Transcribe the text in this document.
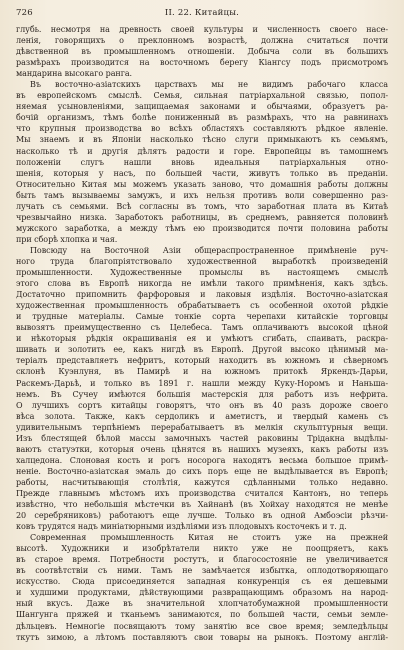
726	II. 22. Китайцы.
глубь. несмотря на древность своей культуры и численность своего насе-
ленія, говорящихъ о преклонномъ возрастѣ, должна считаться почти
дѣвственной въ промышленномъ отношеніи. Добыча соли въ большихъ
размѣрахъ производится на восточномъ берегу Кіангсу подъ присмотромъ
мандарина высокаго ранга.
Въ восточно-азіатскихъ царствахъ мы не видимъ рабочаго класса
въ европейскомъ смыслѣ. Семья, сильная патріархальной связью, попол-
няемая усыновленіями, защищаемая законами и обычаями, образуетъ ра-
бочій организмъ, тѣмъ болѣе пониженный въ размѣрахъ, что на равнинахъ
что крупныя производства во всѣхъ областяхъ составляютъ рѣдкое явленіе.
Мы знаемъ и въ Японіи насколько тѣсно слуги примыкаютъ къ семьямъ,
насколько тѣ и другія дѣлятъ радости и горе. Европейцы въ тамошнемъ
положеніи слугъ нашли вновь идеальныя патріархальныя отно-
шенія, которыя у насъ, по большей части, живутъ только въ преданіи.
Относительно Китая мы можемъ указать заново, что домашнія работы должны
быть тамъ вызываемы замужъ, и ихъ нельзя противъ воли совершенно раз-
лучать съ семьями. Всѣ согласны въ томъ, что заработная плата въ Китаѣ
чрезвычайно низка. Заработокъ работницы, въ среднемъ, равняется половинѣ
мужского заработка, а между тѣмъ ею производится почти половина работы
при сборѣ хлопка и чая.
Повсюду на Восточной Азіи общераспространенное примѣненіе руч-
ного труда благопріятствовало художественной выработкѣ произведеній
промышленности. Художественные промыслы въ настоящемъ смыслѣ
этого слова въ Европѣ никогда не имѣли такого примѣненія, какъ здѣсь.
Достаточно припомнить фарфоровыя и лаковыя издѣлія. Восточно-азіатская
художественная промышленность обрабатываетъ съ особенной охотой рѣдкіе
и трудные матеріалы. Самые тонкіе сорта черепахи китайскіе торговцы
вывозятъ преимущественно съ Целебеса. Тамъ оплачиваютъ высокой цѣной
и нѣкоторыя рѣдкія окрашиванія ея и умѣютъ сгибать, спаивать, раскра-
шивать и золотить ее, какъ нигдѣ въ Европѣ. Другой высоко цѣнимый ма-
теріалъ представляетъ нефритъ, который находитъ въ южномъ и сѣверномъ
склонѣ Куэнлуня, въ Памирѣ и на южномъ притокѣ Яркендъ-Дарьи,
Раскемъ-Дарьѣ, и только въ 1891 г. нашли между Куку-Норомъ и Наньша-
немъ. Въ Сучеу имѣются большія мастерскія для работъ изъ нефрита.
О лучшихъ сортъ китайцы говорятъ, что онъ въ 40 разъ дороже своего
вѣса золота. Также, какъ сердоликъ и аметистъ, и твердый камень съ
удивительнымъ терпѣніемъ перерабатываетъ въ мелкія скульптурныя вещи.
Изъ блестящей бѣлой массы замочныхъ частей раковины Трідакна выдѣлы-
ваютъ статуэтки, которыя очень цѣнятся въ нашихъ музеяхъ, какъ работы изъ
халцедона. Слоновая кость и рогъ носорога находятъ весьма большое примѣ-
неніе. Восточно-азіатская эмаль до сихъ поръ еще не выдѣлывается въ Европѣ;
работы, насчитывающія столѣтія, кажутся сдѣланными только недавно.
Прежде главнымъ мѣстомъ ихъ производства считался Кантонъ, но теперь
извѣстно, что небольшія мѣстечки въ Хайнанѣ (въ Хойхау находятся не менѣе
20 серебряниковъ) работаютъ еще лучше. Только въ одной Амбоэсіи рѣзчи-
ковъ трудятся надъ миніатюрными издѣліями изъ плодовыхъ косточекъ и т. д.
Современная промышленность Китая не стоитъ уже на прежней
высотѣ. Художники и изобрѣтатели никто уже не поощряетъ, какъ
въ старое время. Потребности ростутъ, и благосостояніе не увеличивается
въ соотвѣтствіи съ ними. Тамъ не замѣчается избытка, оплодотворяющаго
искусство. Сюда присоединяется западная конкуренція съ ея дешевыми
и худшими продуктами, дѣйствующими развращающимъ образомъ на народ-
ный вкусъ. Даже въ значительной хлопчатобумажной промышленности
Шангунга пряжей и тканьемъ занимаются, по большей части, семьи земле-
дѣльцевъ. Немногіе посвящаютъ тому занятію все свое время; земледѣльцы
ткутъ зимою, а лѣтомъ поставляютъ свои товары на рынокъ. Поэтому англій-
